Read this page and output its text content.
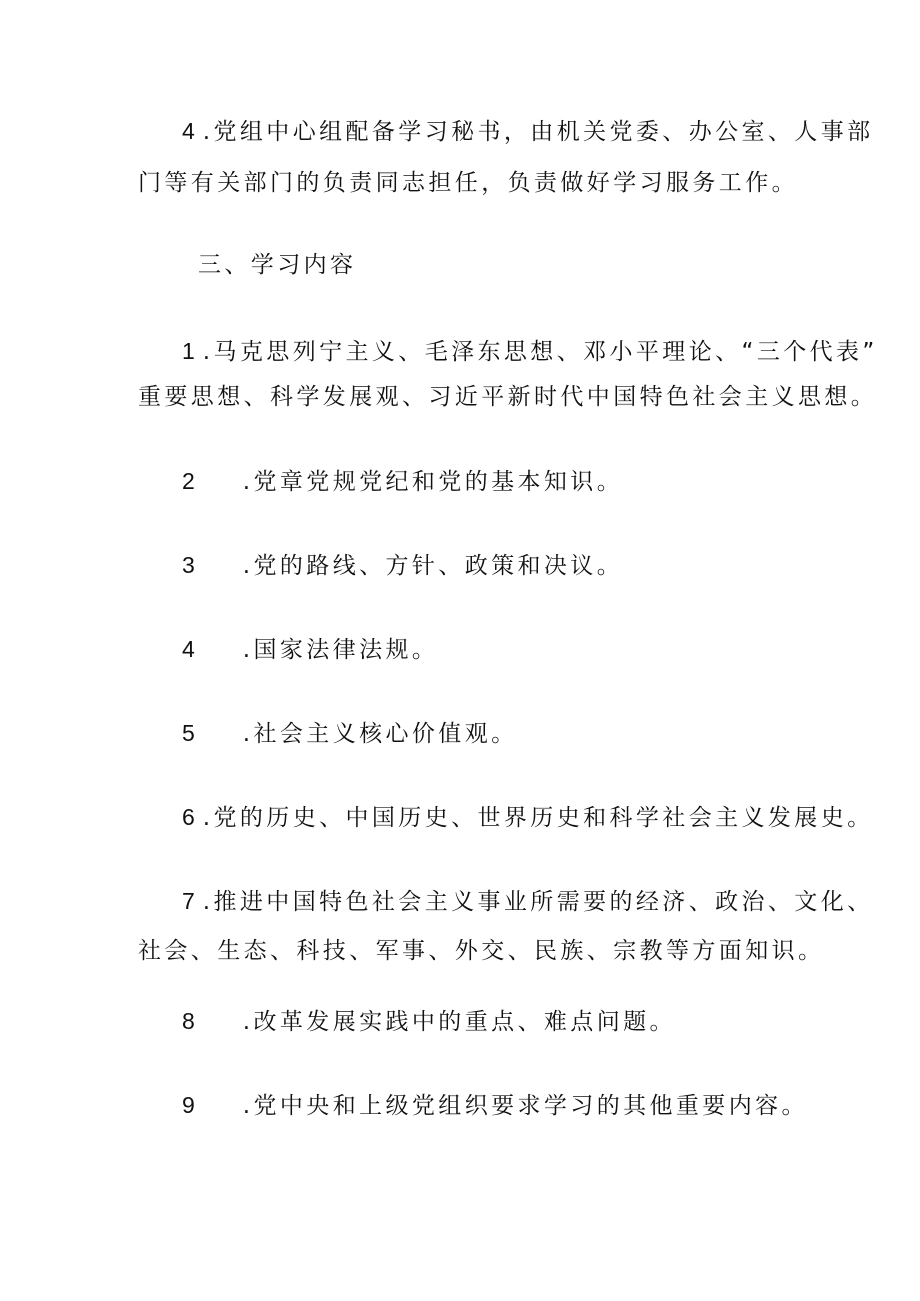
4 .党组中心组配备学习秘书，由机关党委、办公室、人事部
门等有关部门的负责同志担任，负责做好学习服务工作。
三、学习内容
1 .马克思列宁主义、毛泽东思想、邓小平理论、“三个代表”
重要思想、科学发展观、习近平新时代中国特色社会主义思想。
2 .党章党规党纪和党的基本知识。
3 .党的路线、方针、政策和决议。
4 .国家法律法规。
5 .社会主义核心价值观。
6 .党的历史、中国历史、世界历史和科学社会主义发展史。
7 .推进中国特色社会主义事业所需要的经济、政治、文化、
社会、生态、科技、军事、外交、民族、宗教等方面知识。
8 .改革发展实践中的重点、难点问题。
9 .党中央和上级党组织要求学习的其他重要内容。
